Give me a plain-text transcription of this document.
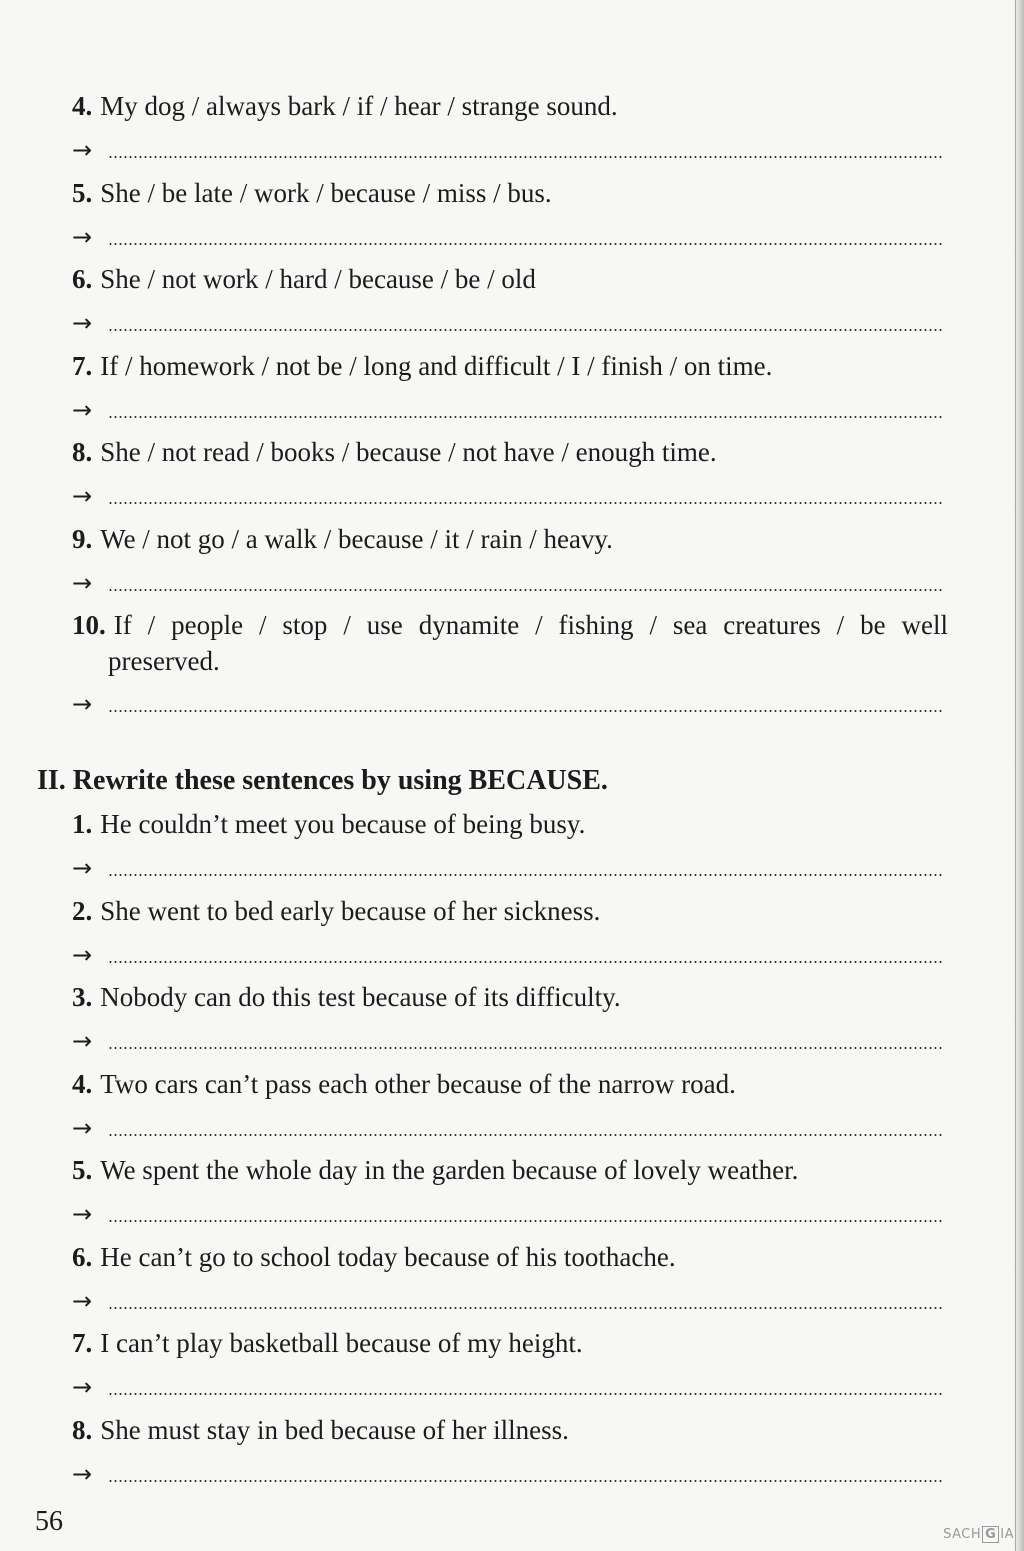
4. My dog / always bark / if / hear / strange sound.
→
5. She / be late / work / because / miss / bus.
→
6. She / not work / hard / because / be / old
→
7. If / homework / not be / long and difficult / I / finish / on time.
→
8. She / not read / books / because / not have / enough time.
→
9. We / not go / a walk / because / it / rain / heavy.
→
10. If / people / stop / use dynamite / fishing / sea creatures / be well
preserved.
→
II. Rewrite these sentences by using BECAUSE.
1. He couldn’t meet you because of being busy.
→
2. She went to bed early because of her sickness.
→
3. Nobody can do this test because of its difficulty.
→
4. Two cars can’t pass each other because of the narrow road.
→
5. We spent the whole day in the garden because of lovely weather.
→
6. He can’t go to school today because of his toothache.
→
7. I can’t play basketball because of my height.
→
8. She must stay in bed because of her illness.
→
56	SACH G IA
